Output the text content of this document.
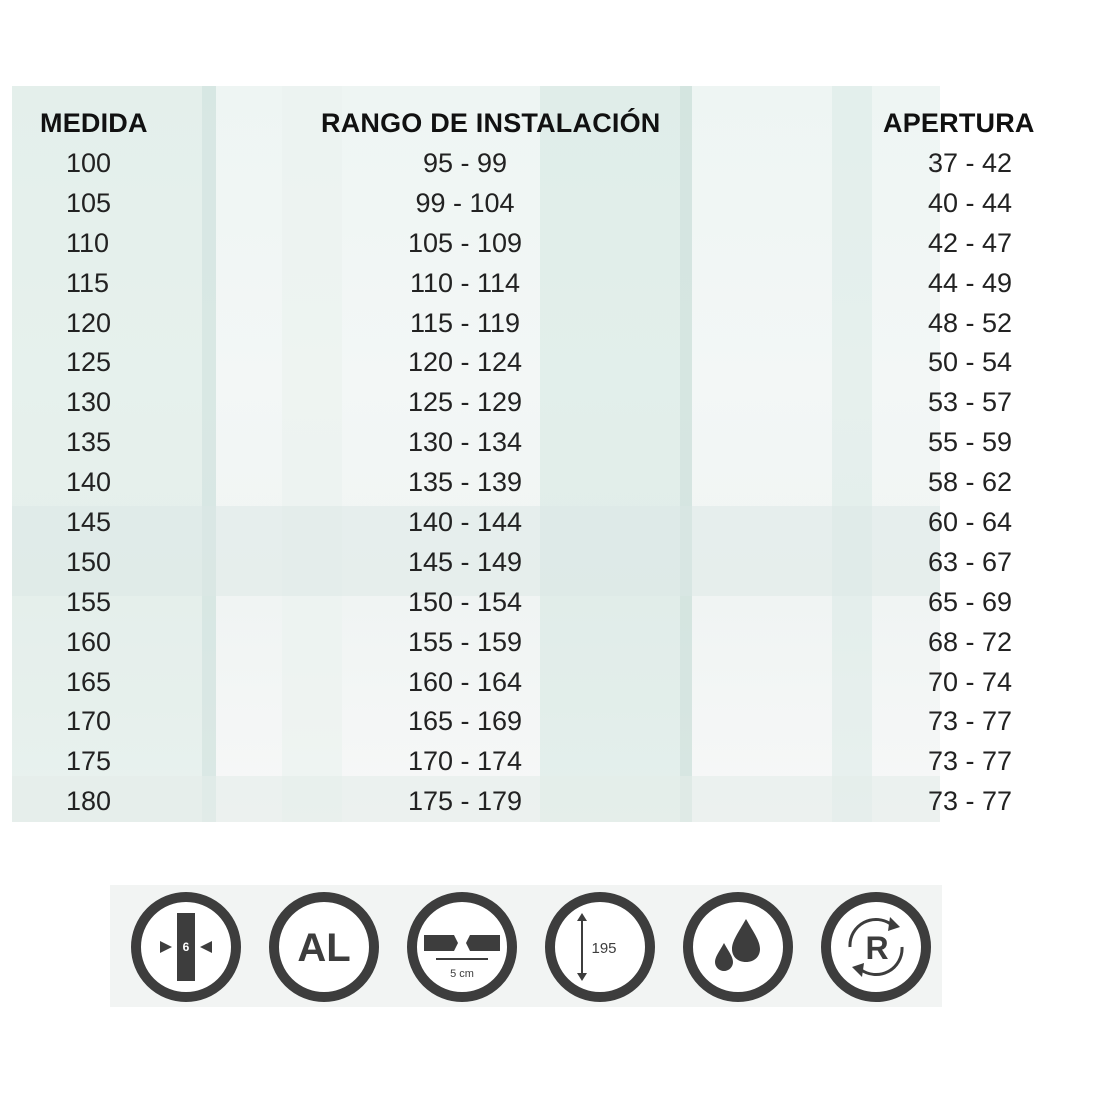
MEDIDA	RANGO DE INSTALACIÓN	APERTURA
100	95 - 99	37 - 42
105	99 - 104	40 - 44
110	105 - 109	42 - 47
115	110 - 114	44 - 49
120	115 - 119	48 - 52
125	120 - 124	50 - 54
130	125 - 129	53 - 57
135	130 - 134	55 - 59
140	135 - 139	58 - 62
145	140 - 144	60 - 64
150	145 - 149	63 - 67
155	150 - 154	65 - 69
160	155 - 159	68 - 72
165	160 - 164	70 - 74
170	165 - 169	73 - 77
175	170 - 174	73 - 77
180	175 - 179	73 - 77
6	AL
5 cm
195	R
